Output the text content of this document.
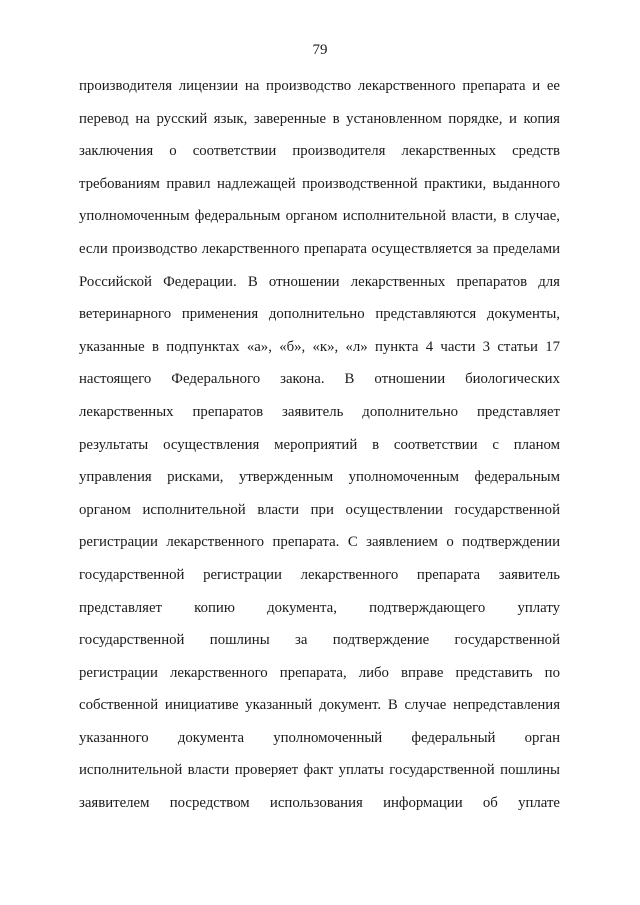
79
производителя лицензии на производство лекарственного препарата и ее
перевод на русский язык, заверенные в установленном порядке, и копия
заключения о соответствии производителя лекарственных средств
требованиям правил надлежащей производственной практики, выданного
уполномоченным федеральным органом исполнительной власти, в случае,
если производство лекарственного препарата осуществляется за пределами
Российской Федерации. В отношении лекарственных препаратов для
ветеринарного применения дополнительно представляются документы,
указанные в подпунктах «а», «б», «к», «л» пункта 4 части 3 статьи 17
настоящего Федерального закона. В отношении биологических
лекарственных препаратов заявитель дополнительно представляет
результаты осуществления мероприятий в соответствии с планом
управления рисками, утвержденным уполномоченным федеральным
органом исполнительной власти при осуществлении государственной
регистрации лекарственного препарата. С заявлением о подтверждении
государственной регистрации лекарственного препарата заявитель
представляет копию документа, подтверждающего уплату
государственной пошлины за подтверждение государственной
регистрации лекарственного препарата, либо вправе представить по
собственной инициативе указанный документ. В случае непредставления
указанного документа уполномоченный федеральный орган
исполнительной власти проверяет факт уплаты государственной пошлины
заявителем посредством использования информации об уплате
